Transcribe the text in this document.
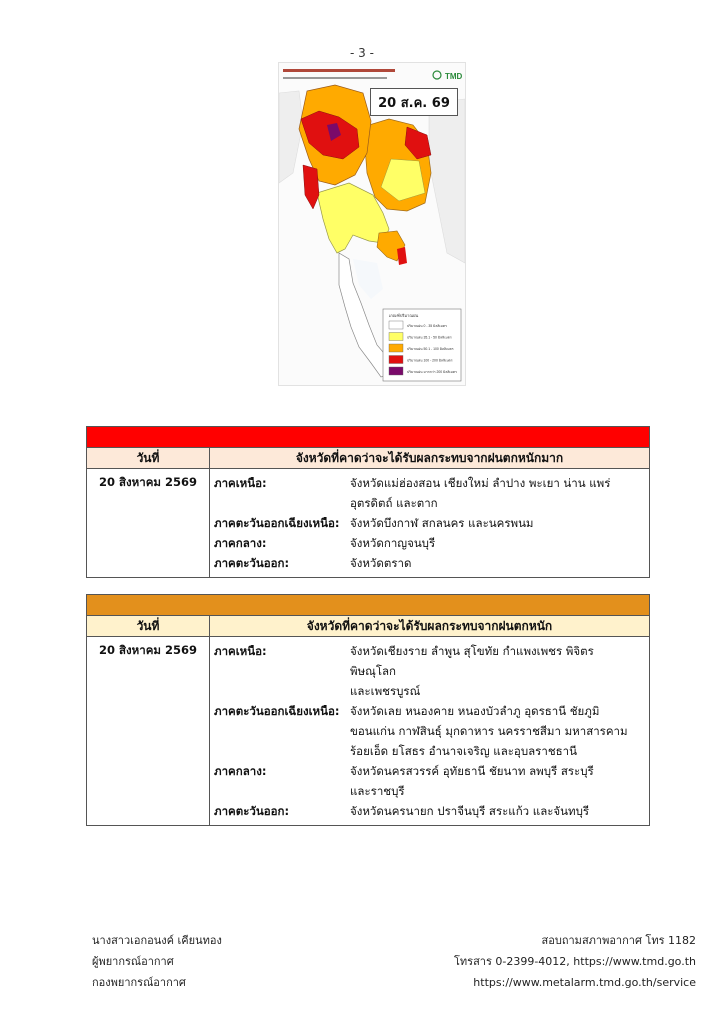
- 3 -
TMD
เกณฑ์ปริมาณฝน
ปริมาณฝน 0 - 35 มิลลิเมตร
ปริมาณฝน 35.1 - 50 มิลลิเมตร
ปริมาณฝน 50.1 - 100 มิลลิเมตร
ปริมาณฝน 100 - 200 มิลลิเมตร
ปริมาณฝน มากกว่า 200 มิลลิเมตร
20 ส.ค. 69
วันที่	จังหวัดที่คาดว่าจะได้รับผลกระทบจากฝนตกหนักมาก
20 สิงหาคม 2569	ภาคเหนือ:	จังหวัดแม่ฮ่องสอน เชียงใหม่ ลำปาง พะเยา น่าน แพร่
อุตรดิตถ์ และตาก
ภาคตะวันออกเฉียงเหนือ: จังหวัดบึงกาฬ สกลนคร และนครพนม
ภาคกลาง:	จังหวัดกาญจนบุรี
ภาคตะวันออก:	จังหวัดตราด
วันที่	จังหวัดที่คาดว่าจะได้รับผลกระทบจากฝนตกหนัก
20 สิงหาคม 2569	ภาคเหนือ:	จังหวัดเชียงราย ลำพูน สุโขทัย กำแพงเพชร พิจิตร พิษณุโลก
และเพชรบูรณ์
ภาคตะวันออกเฉียงเหนือ: จังหวัดเลย หนองคาย หนองบัวลำภู อุดรธานี ชัยภูมิ
ขอนแก่น กาฬสินธุ์ มุกดาหาร นครราชสีมา มหาสารคาม
ร้อยเอ็ด ยโสธร อำนาจเจริญ และอุบลราชธานี
ภาคกลาง:	จังหวัดนครสวรรค์ อุทัยธานี ชัยนาท ลพบุรี สระบุรี
และราชบุรี
ภาคตะวันออก:	จังหวัดนครนายก ปราจีนบุรี สระแก้ว และจันทบุรี
นางสาวเอกอนงค์ เคียนทอง
ผู้พยากรณ์อากาศ
กองพยากรณ์อากาศ
สอบถามสภาพอากาศ โทร 1182
โทรสาร 0-2399-4012, https://www.tmd.go.th
https://www.metalarm.tmd.go.th/service
